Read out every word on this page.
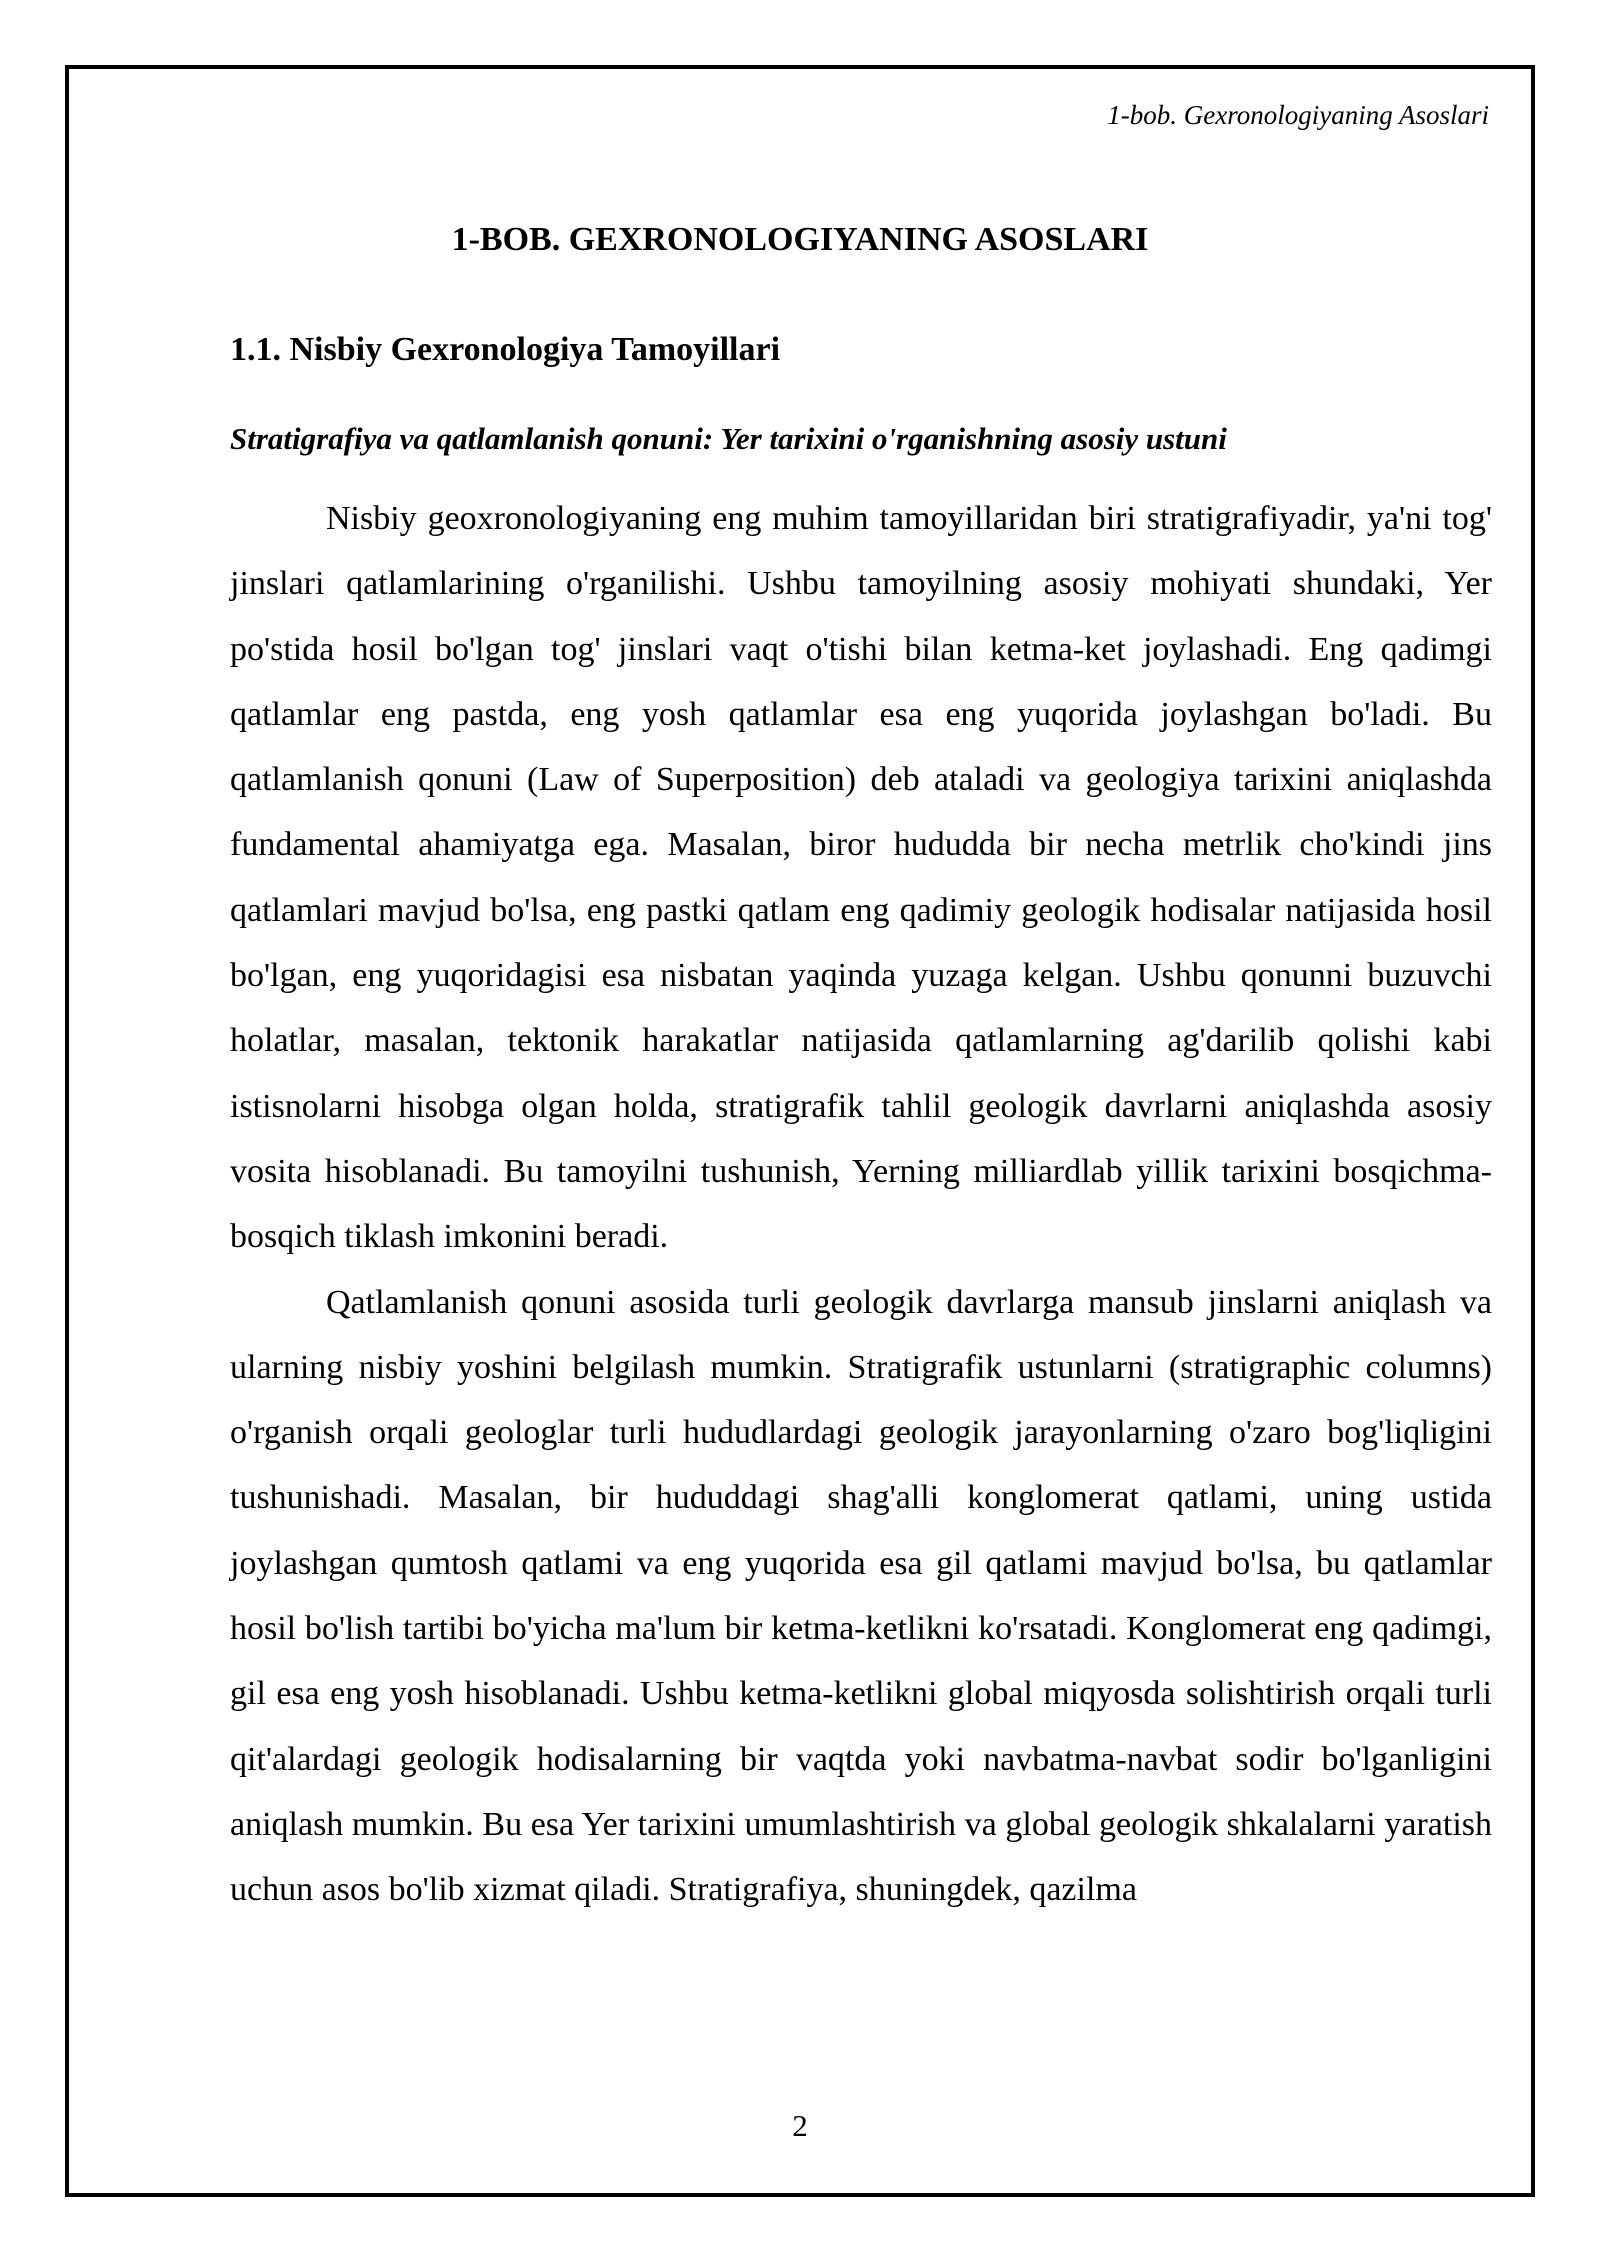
1-bob. Gexronologiyaning Asoslari
1-BOB. GEXRONOLOGIYANING ASOSLARI
1.1. Nisbiy Gexronologiya Tamoyillari
Stratigrafiya va qatlamlanish qonuni: Yer tarixini o'rganishning asosiy ustuni

Nisbiy geoxronologiyaning eng muhim tamoyillaridan biri stratigrafiyadir, ya'ni tog' jinslari qatlamlarining o'rganilishi. Ushbu tamoyilning asosiy mohiyati shundaki, Yer po'stida hosil bo'lgan tog' jinslari vaqt o'tishi bilan ketma-ket joylashadi. Eng qadimgi qatlamlar eng pastda, eng yosh qatlamlar esa eng yuqorida joylashgan bo'ladi. Bu qatlamlanish qonuni (Law of Superposition) deb ataladi va geologiya tarixini aniqlashda fundamental ahamiyatga ega. Masalan, biror hududda bir necha metrlik cho'kindi jins qatlamlari mavjud bo'lsa, eng pastki qatlam eng qadimiy geologik hodisalar natijasida hosil bo'lgan, eng yuqoridagisi esa nisbatan yaqinda yuzaga kelgan. Ushbu qonunni buzuvchi holatlar, masalan, tektonik harakatlar natijasida qatlamlarning ag'darilib qolishi kabi istisnolarni hisobga olgan holda, stratigrafik tahlil geologik davrlarni aniqlashda asosiy vosita hisoblanadi. Bu tamoyilni tushunish, Yerning milliardlab yillik tarixini bosqichma-bosqich tiklash imkonini beradi.

Qatlamlanish qonuni asosida turli geologik davrlarga mansub jinslarni aniqlash va ularning nisbiy yoshini belgilash mumkin. Stratigrafik ustunlarni (stratigraphic columns) o'rganish orqali geologlar turli hududlardagi geologik jarayonlarning o'zaro bog'liqligini tushunishadi. Masalan, bir hududdagi shag'alli konglomerat qatlami, uning ustida joylashgan qumtosh qatlami va eng yuqorida esa gil qatlami mavjud bo'lsa, bu qatlamlar hosil bo'lish tartibi bo'yicha ma'lum bir ketma-ketlikni ko'rsatadi. Konglomerat eng qadimgi, gil esa eng yosh hisoblanadi. Ushbu ketma-ketlikni global miqyosda solishtirish orqali turli qit'alardagi geologik hodisalarning bir vaqtda yoki navbatma-navbat sodir bo'lganligini aniqlash mumkin. Bu esa Yer tarixini umumlashtirish va global geologik shkalalarni yaratish uchun asos bo'lib xizmat qiladi. Stratigrafiya, shuningdek, qazilma

2
